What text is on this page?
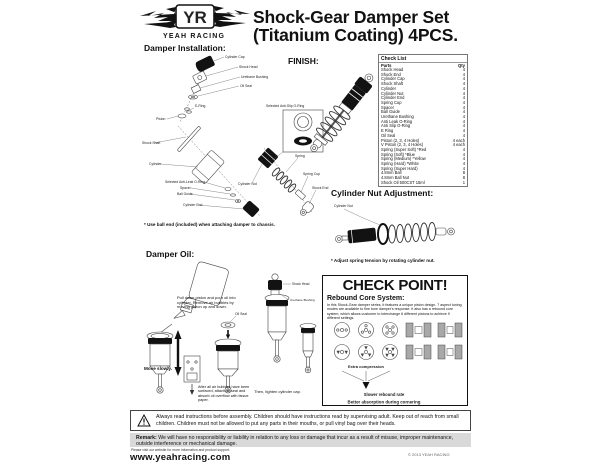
YR
YEAH RACING
Shock-Gear Damper Set
(Titanium Coating) 4PCS.
Check List
Parts	Qty
Shock Head	4
Shock End	4
Cylinder Cap	4
Shock Shaft	4
Cylinder	4
Cylinder Nut	4
Cylinder End	4
Spring Cup	4
Spacer	4
Ball Guide	4
Urethane Bushing	4
Anti Leak O-Ring	4
Anti Slip O-Ring	4
E Ring	4
Oil Seal	4
Piston (2, 3, 4 Holes)	4 each
V Piston (2, 3, 4 Holes)	4 each
Spring (Super Soft) *Red	4
Spring (Soft) *Blue	4
Spring (Medium) *Yellow	4
Spring (Hard) *White	4
Spring (Super Hard)	4
4.8mm Ball	8
4.8mm Ball Nut	8
Shock Oil 500CST 15ml	1
Damper Installation:
Cylinder Cap
Shock Head
Urethane Bushing
Oil Seal
E-Ring
Piston
Shock Shaft
Cylinder
Selected Anti-Leak O-Ring
Spacer
Ball Guide
Cylinder End
Cylinder Nut
Spring
Spring Cup
Shock End
Selected Anti-Slip O-Ring
* Use ball end (included) when attaching damper to chassis.
FINISH:
Cylinder Nut Adjustment:
Cylinder Nut
* Adjust spring tension by rotating cylinder nut.
Damper Oil:
Oil Seal
Shock Head
Urethane Bushing
Pull down piston and pour oil into cylinder. Remove air bubbles by moving piston up and down.
Move slowly.
After all air bubbles have been surfaced, attach oil seal and absorb oil overflow with tissue paper.
Then, tighten cylinder cap.
CHECK POINT!
Rebound Core System:
In this Shock-Gear damper series, it features a unique piston design. 7 aspect tuning modes are available to fine tune damper's response. It also has a rebound core system, which allows customer to interchange 6 different pistons to achieve 9 different settings.
Extra compression
Slower rebound rate
Better absorption during cornering
Always read instructions before assembly. Children should have instructions read by supervising adult. Keep out of reach from small children. Children must not be allowed to put any parts in their mouths, or pull vinyl bag over their heads.
Remark: We will have no responsibility or liability in relation to any loss or damage that incur as a result of misuse, improper maintenance, outside interference or mechanical damage.
Please visit our website for more information and product support.
www.yeahracing.com	© 2013 YEAH RACING
